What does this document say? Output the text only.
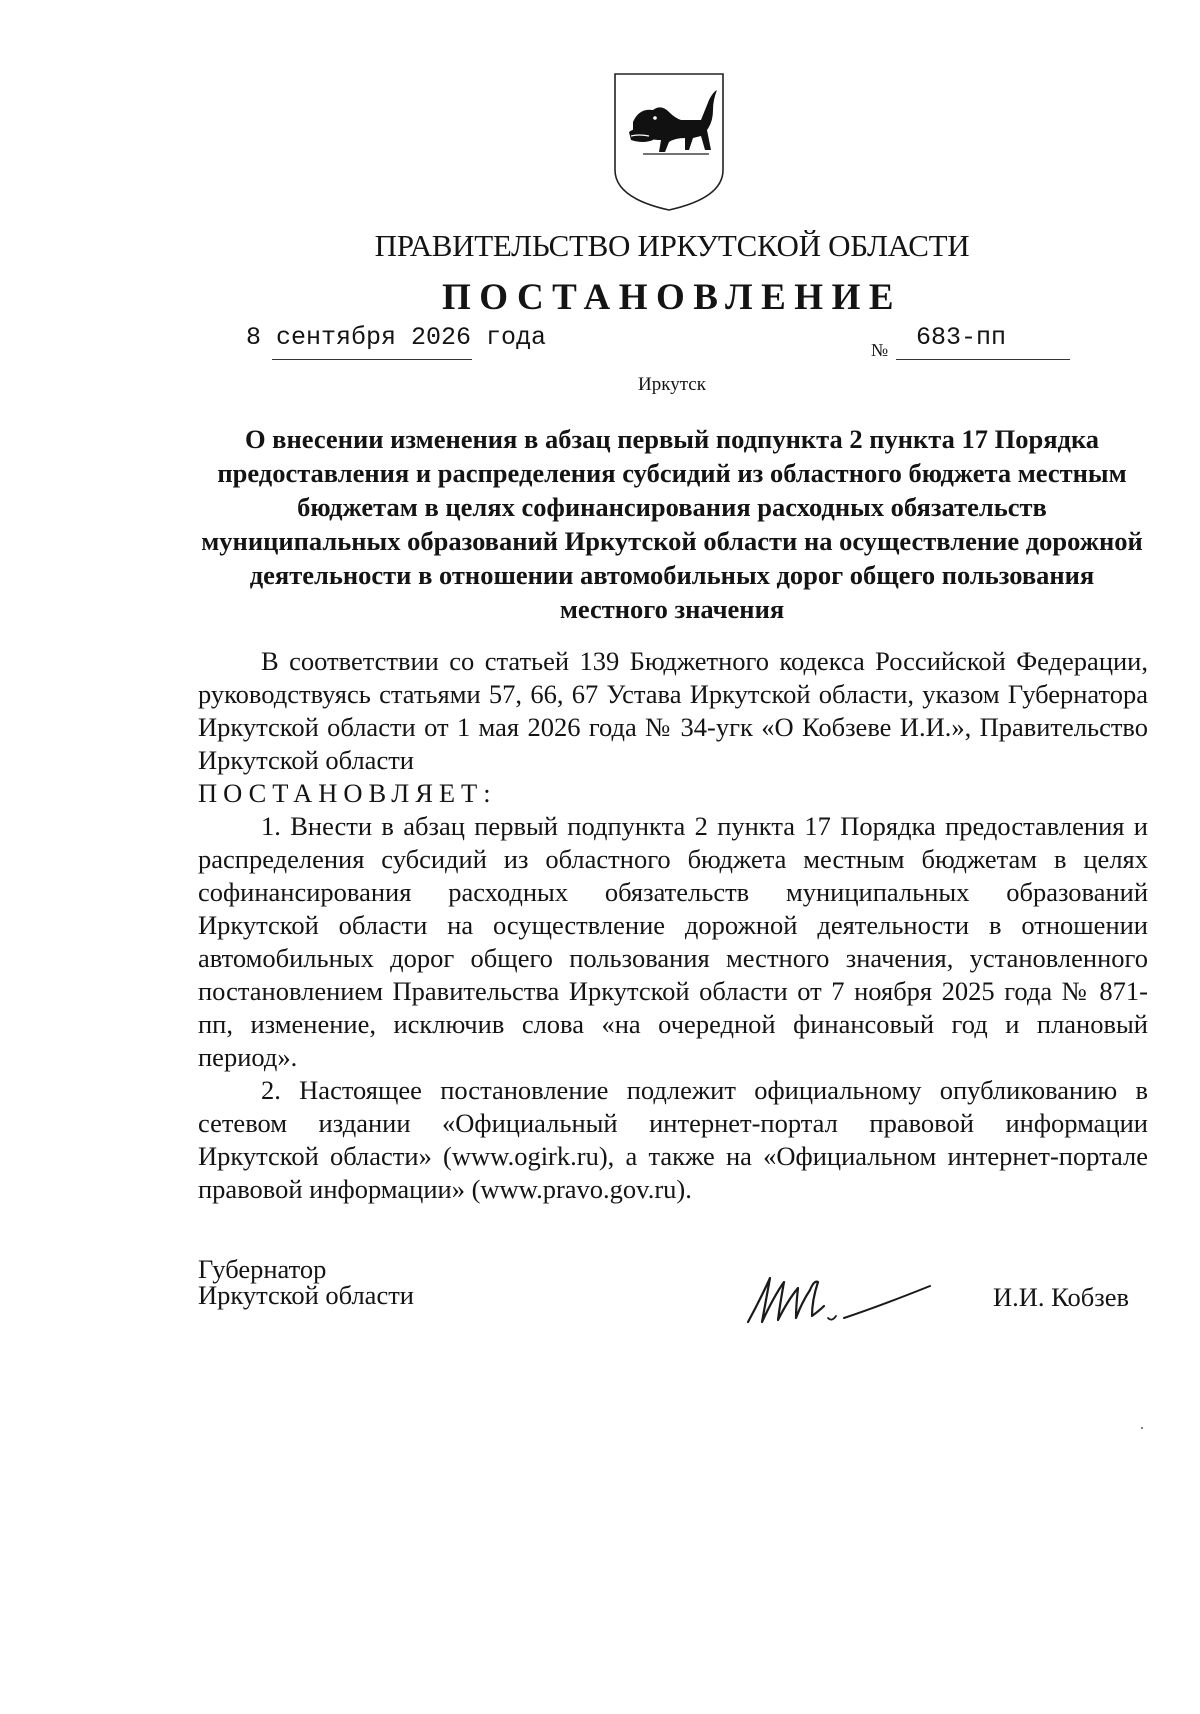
ПРАВИТЕЛЬСТВО ИРКУТСКОЙ ОБЛАСТИ
ПОСТАНОВЛЕНИЕ
8 сентября 2026 года	№ 683-пп
Иркутск
О внесении изменения в абзац первый подпункта 2 пункта 17 Порядка предоставления и распределения субсидий из областного бюджета местным бюджетам в целях софинансирования расходных обязательств муниципальных образований Иркутской области на осуществление дорожной деятельности в отношении автомобильных дорог общего пользования местного значения

В соответствии со статьей 139 Бюджетного кодекса Российской Федерации, руководствуясь статьями 57, 66, 67 Устава Иркутской области, указом Губернатора Иркутской области от 1 мая 2026 года № 34-угк «О Кобзеве И.И.», Правительство Иркутской области

ПОСТАНОВЛЯЕТ:

1. Внести в абзац первый подпункта 2 пункта 17 Порядка предоставления и распределения субсидий из областного бюджета местным бюджетам в целях софинансирования расходных обязательств муниципальных образований Иркутской области на осуществление дорожной деятельности в отношении автомобильных дорог общего пользования местного значения, установленного постановлением Правительства Иркутской области от 7 ноября 2025 года № 871-пп, изменение, исключив слова «на очередной финансовый год и плановый период».

2. Настоящее постановление подлежит официальному опубликованию в сетевом издании «Официальный интернет-портал правовой информации Иркутской области» (www.ogirk.ru), а также на «Официальном интернет-портале правовой информации» (www.pravo.gov.ru).

Губернатор
Иркутской области	И.И. Кобзев
